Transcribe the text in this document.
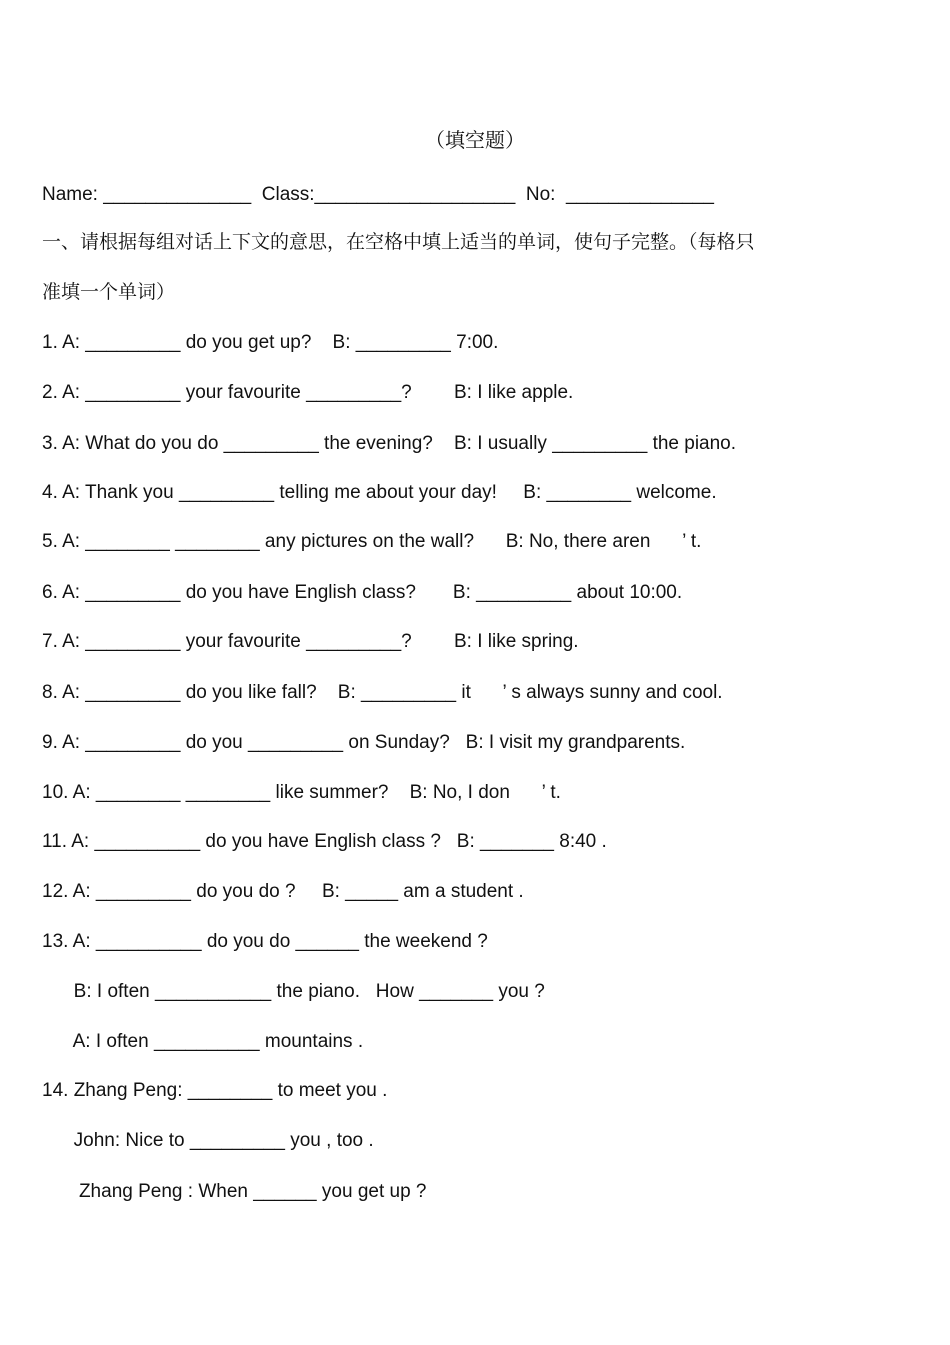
（填空题）
Name: ______________ Class:___________________ No:  ______________
一、请根据每组对话上下文的意思，在空格中填上适当的单词，使句子完整。（每格只
准填一个单词）
1. A: _________ do you get up?    B: _________ 7:00.
2. A: _________ your favourite _________?        B: I like apple.
3. A: What do you do _________ the evening?    B: I usually _________ the piano.
4. A: Thank you _________ telling me about your day!     B: ________ welcome.
5. A: ________ ________ any pictures on the wall?      B: No, there aren      ’ t.
6. A: _________ do you have English class?       B: _________ about 10:00.
7. A: _________ your favourite _________?        B: I like spring.
8. A: _________ do you like fall?    B: _________ it      ’ s always sunny and cool.
9. A: _________ do you _________ on Sunday?   B: I visit my grandparents.
10. A: ________ ________ like summer?    B: No, I don      ’ t.
11. A: __________ do you have English class ?   B: _______ 8:40 .
12. A: _________ do you do ?     B: _____ am a student .
13. A: __________ do you do ______ the weekend ?
B: I often ___________ the piano.   How _______ you ?
A: I often __________ mountains .
14. Zhang Peng: ________ to meet you .
John: Nice to _________ you , too .
Zhang Peng : When ______ you get up ?
